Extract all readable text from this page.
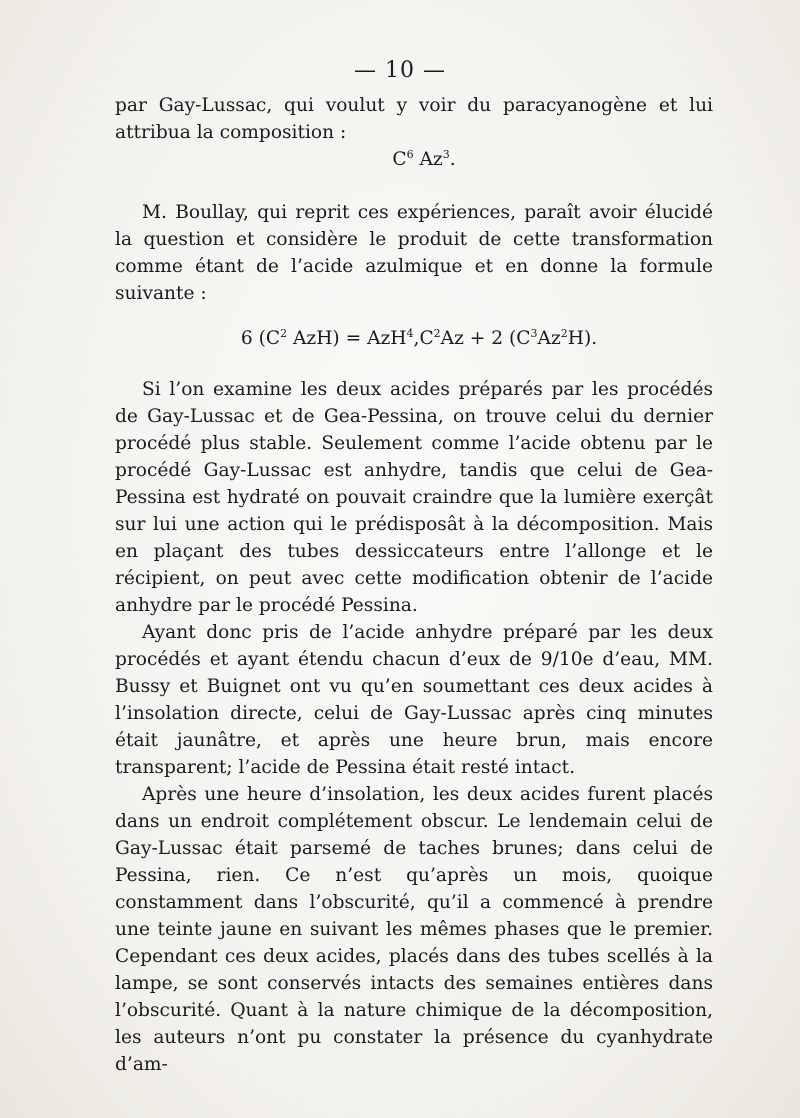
— 10 —

par Gay-Lussac, qui voulut y voir du paracyanogène et lui attribua la composition :

$C^6$ Az$^3$.

M. Boullay, qui reprit ces expériences, paraît avoir élucidé la question et considère le produit de cette transformation comme étant de l’acide azulmique et en donne la formule suivante :

6 ($C^2$ $AzH) = AzH^4,C^2Az + 2$ $(C^3Az^2H)$.

Si l’on examine les deux acides préparés par les procédés de Gay-Lussac et de Gea-Pessina, on trouve celui du dernier procédé plus stable. Seulement comme l’acide obtenu par le procédé Gay-Lussac est anhydre, tandis que celui de Gea-Pessina est hydraté on pouvait craindre que la lumière exerçât sur lui une action qui le prédisposât à la décomposition. Mais en plaçant des tubes dessiccateurs entre l’allonge et le récipient, on peut avec cette modification obtenir de l’acide anhydre par le procédé Pessina.

Ayant donc pris de l’acide anhydre préparé par les deux procédés et ayant étendu chacun d’eux de 9/10e d’eau, MM. Bussy et Buignet ont vu qu’en soumettant ces deux acides à l’insolation directe, celui de Gay-Lussac après cinq minutes était jaunâtre, et après une heure brun, mais encore transparent; l’acide de Pessina était resté intact.

Après une heure d’insolation, les deux acides furent placés dans un endroit complétement obscur. Le lendemain celui de Gay-Lussac était parsemé de taches brunes; dans celui de Pessina, rien. Ce n’est qu’après un mois, quoique constamment dans l’obscurité, qu’il a commencé à prendre une teinte jaune en suivant les mêmes phases que le premier. Cependant ces deux acides, placés dans des tubes scellés à la lampe, se sont conservés intacts des semaines entières dans l’obscurité. Quant à la nature chimique de la décomposition, les auteurs n’ont pu constater la présence du cyanhydrate d’am-
